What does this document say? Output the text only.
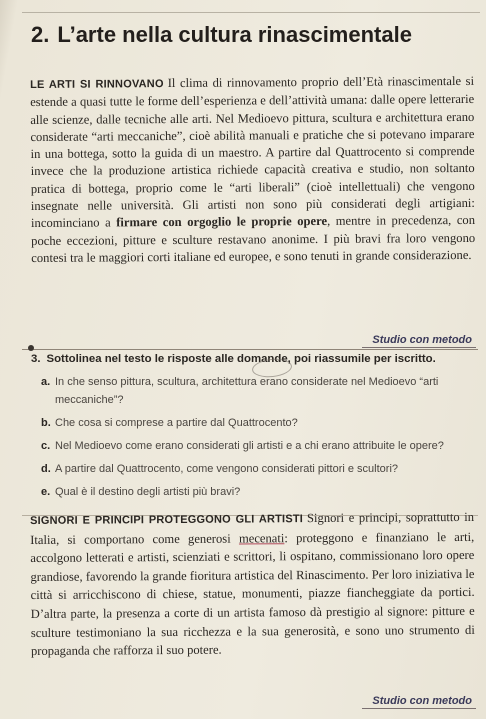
2. L’arte nella cultura rinascimentale
LE ARTI SI RINNOVANO Il clima di rinnovamento proprio dell’Età rinascimentale si estende a quasi tutte le forme dell’esperienza e dell’attività umana: dalle opere letterarie alle scienze, dalle tecniche alle arti. Nel Medioevo pittura, scultura e architettura erano considerate “arti meccaniche”, cioè abilità manuali e pratiche che si potevano imparare in una bottega, sotto la guida di un maestro. A partire dal Quattrocento si comprende invece che la produzione artistica richiede capacità creativa e studio, non soltanto pratica di bottega, proprio come le “arti liberali” (cioè intellettuali) che vengono insegnate nelle università. Gli artisti non sono più considerati degli artigiani: incominciano a firmare con orgoglio le proprie opere, mentre in precedenza, con poche eccezioni, pitture e sculture restavano anonime. I più bravi fra loro vengono contesi tra le maggiori corti italiane ed europee, e sono tenuti in grande considerazione.
Studio con metodo
3. Sottolinea nel testo le risposte alle domande, poi riassumile per iscritto.
a. In che senso pittura, scultura, architettura erano considerate nel Medioevo “arti meccaniche”?
b. Che cosa si comprese a partire dal Quattrocento?
c. Nel Medioevo come erano considerati gli artisti e a chi erano attribuite le opere?
d. A partire dal Quattrocento, come vengono considerati pittori e scultori?
e. Qual è il destino degli artisti più bravi?
SIGNORI E PRINCIPI PROTEGGONO GLI ARTISTI Signori e principi, soprattutto in Italia, si comportano come generosi mecenati: proteggono e finanziano le arti, accolgono letterati e artisti, scienziati e scrittori, li ospitano, commissionano loro opere grandiose, favorendo la grande fioritura artistica del Rinascimento. Per loro iniziativa le città si arricchiscono di chiese, statue, monumenti, piazze fiancheggiate da portici. D’altra parte, la presenza a corte di un artista famoso dà prestigio al signore: pitture e sculture testimoniano la sua ricchezza e la sua generosità, e sono uno strumento di propaganda che rafforza il suo potere.
Studio con metodo
